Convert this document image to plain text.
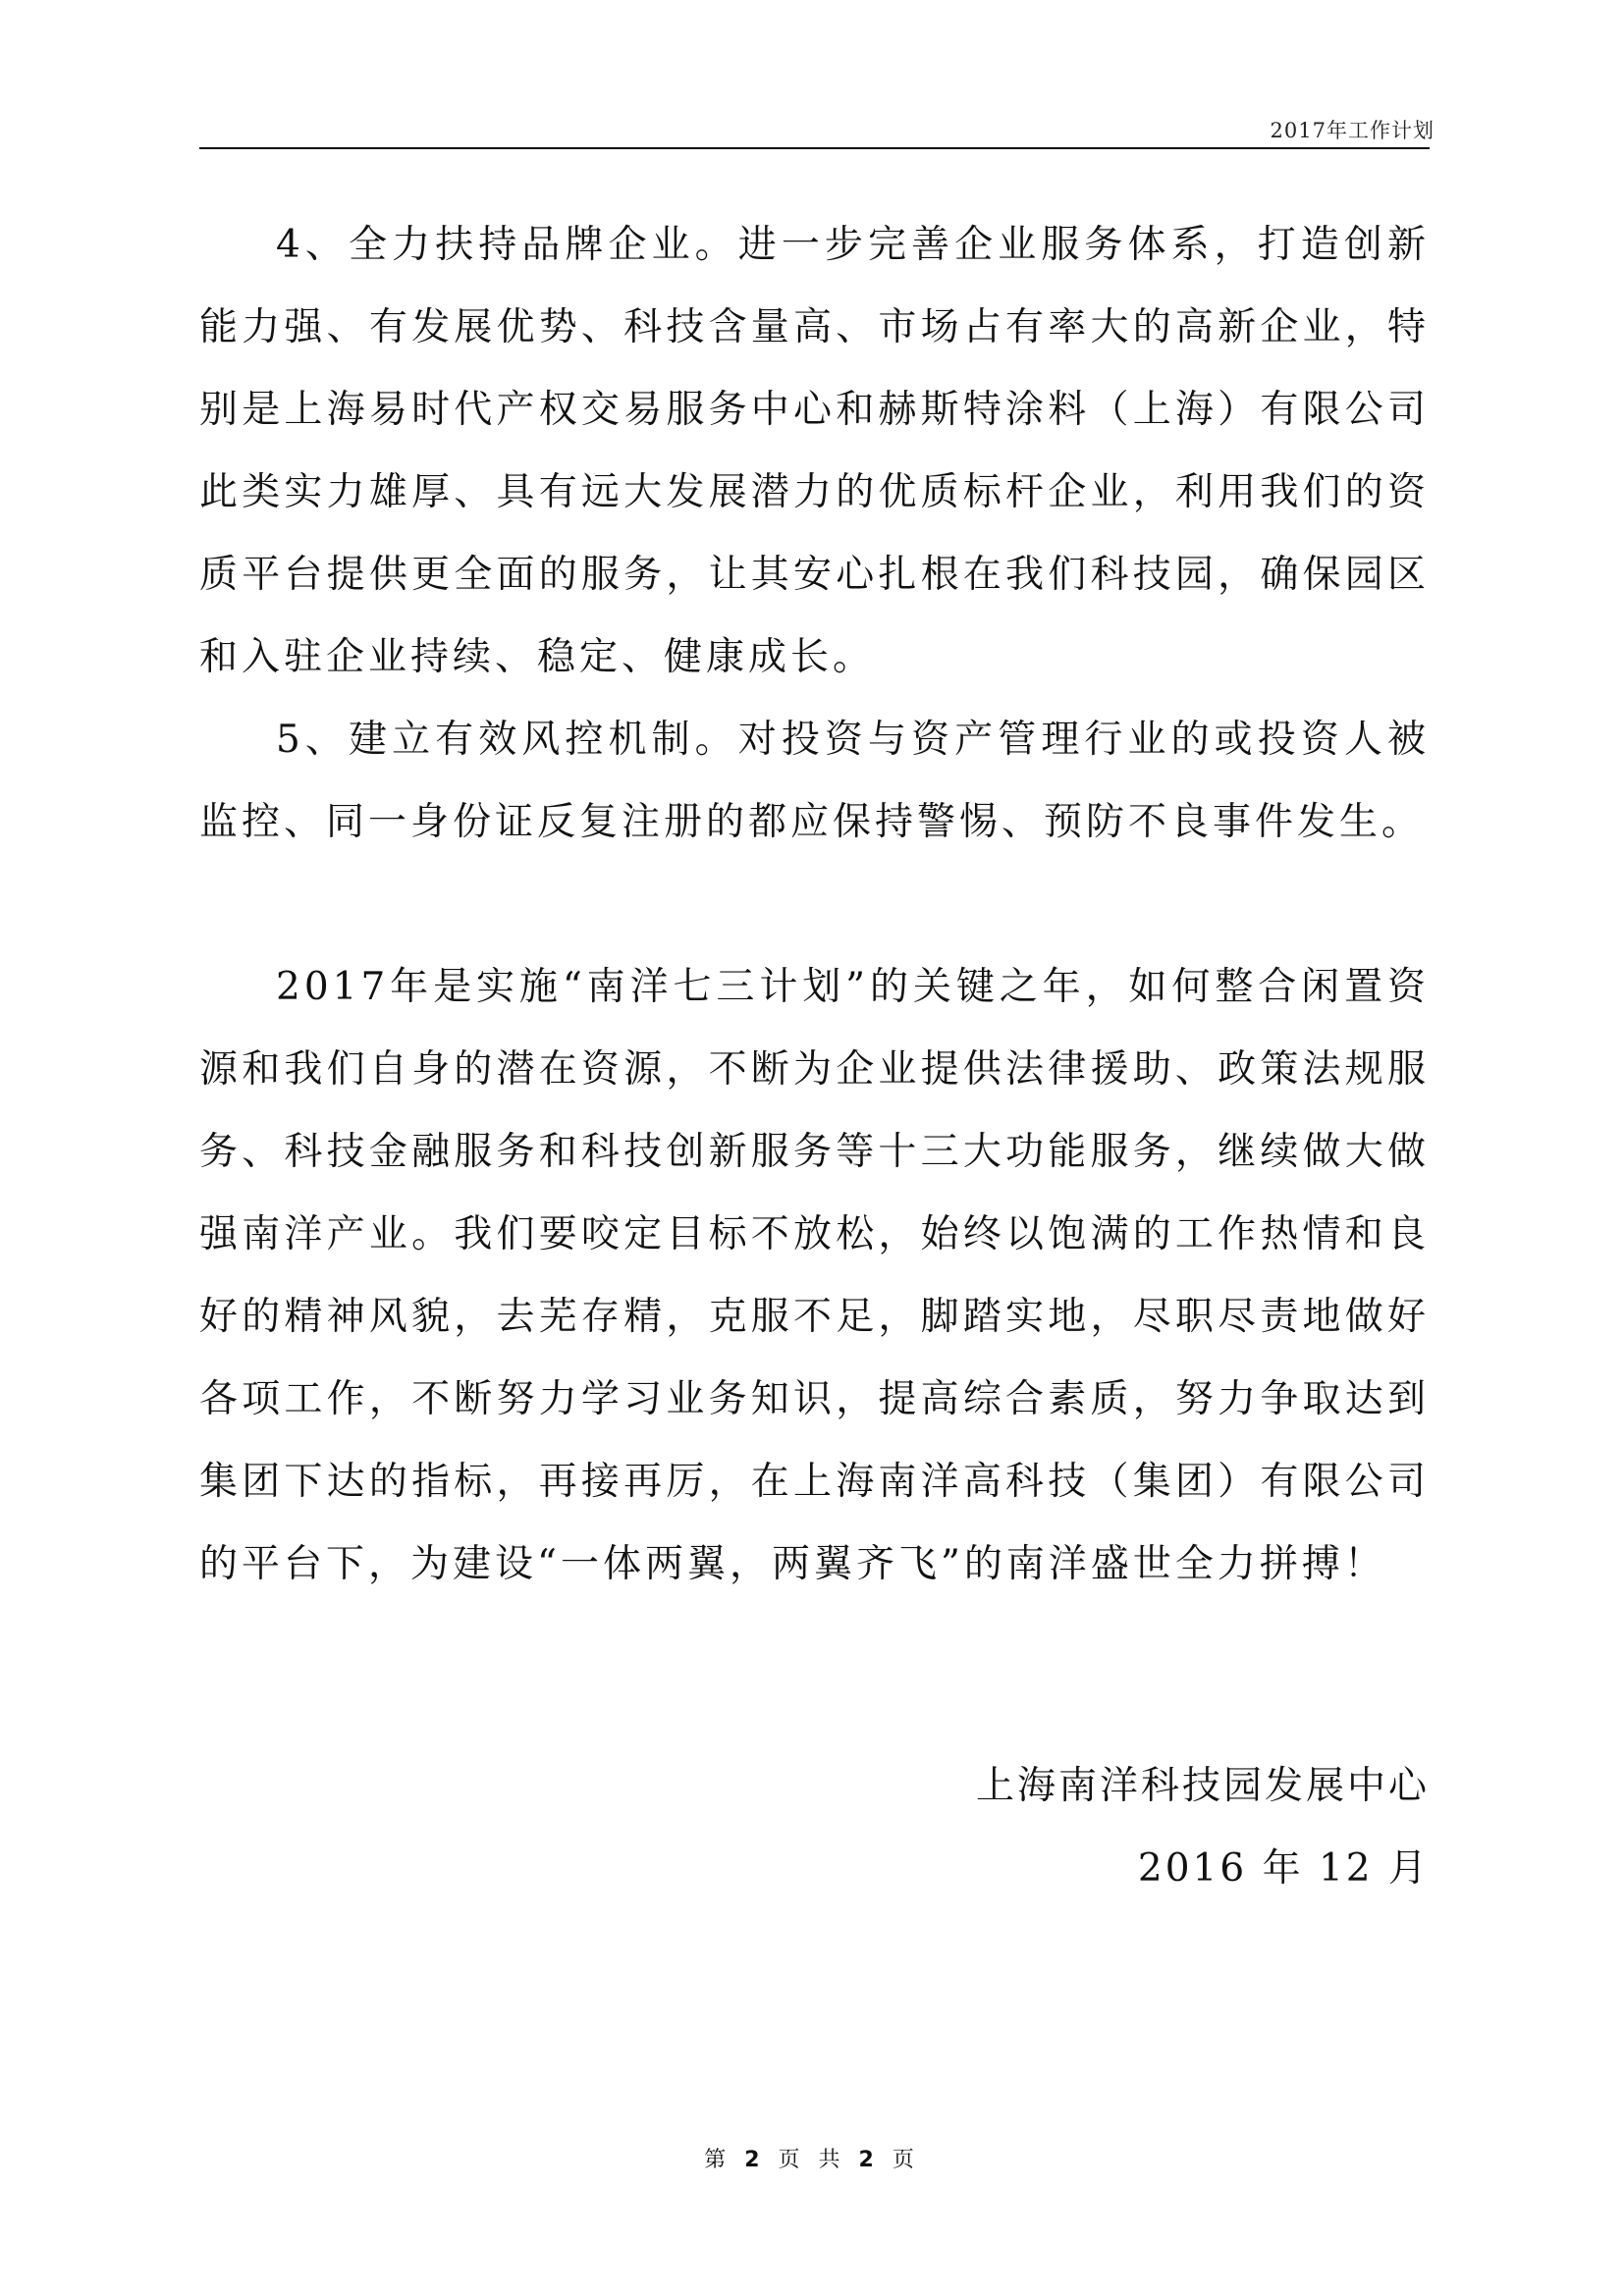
2017年工作计划

4、全力扶持品牌企业。进一步完善企业服务体系，打造创新能力强、有发展优势、科技含量高、市场占有率大的高新企业，特别是上海易时代产权交易服务中心和赫斯特涂料（上海）有限公司此类实力雄厚、具有远大发展潜力的优质标杆企业，利用我们的资质平台提供更全面的服务，让其安心扎根在我们科技园，确保园区和入驻企业持续、稳定、健康成长。

5、建立有效风控机制。对投资与资产管理行业的或投资人被监控、同一身份证反复注册的都应保持警惕、预防不良事件发生。

2017年是实施“南洋七三计划”的关键之年，如何整合闲置资源和我们自身的潜在资源，不断为企业提供法律援助、政策法规服务、科技金融服务和科技创新服务等十三大功能服务，继续做大做强南洋产业。我们要咬定目标不放松，始终以饱满的工作热情和良好的精神风貌，去芜存精，克服不足，脚踏实地，尽职尽责地做好各项工作，不断努力学习业务知识，提高综合素质，努力争取达到集团下达的指标，再接再厉，在上海南洋高科技（集团）有限公司的平台下，为建设“一体两翼，两翼齐飞”的南洋盛世全力拼搏！

上海南洋科技园发展中心
2016 年 12 月
第 2 页 共 2 页
